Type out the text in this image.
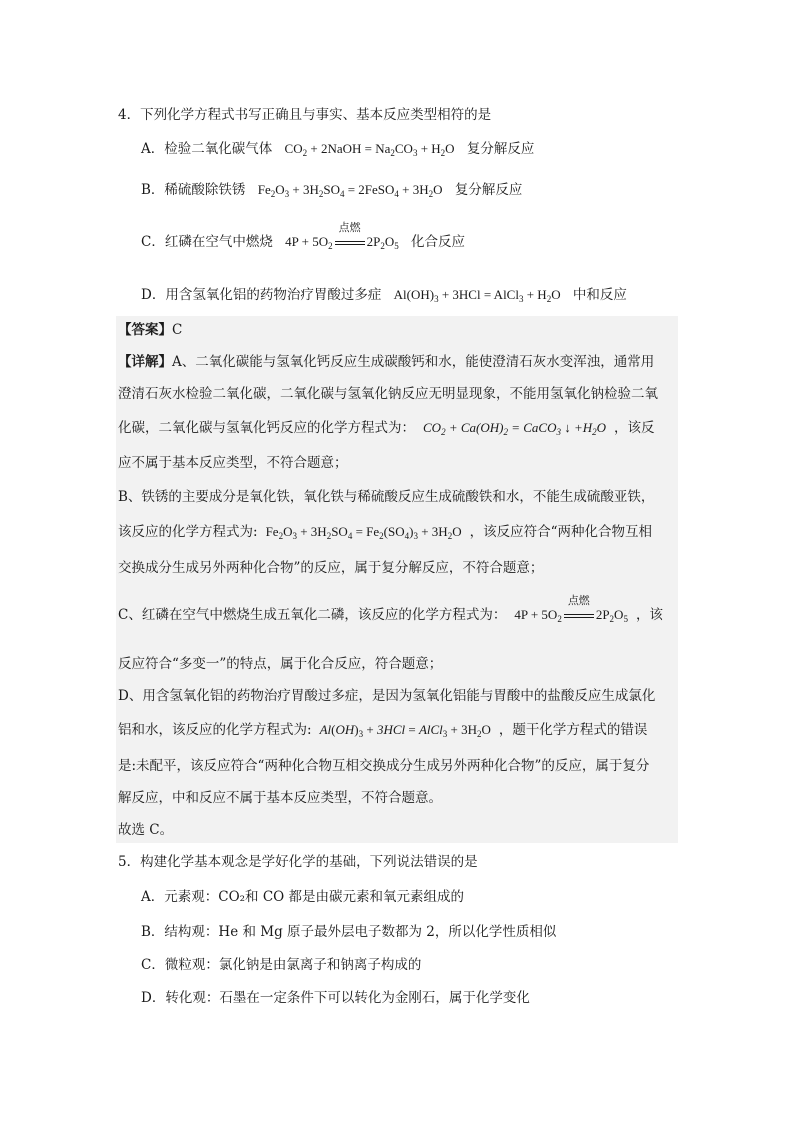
4．下列化学方程式书写正确且与事实、基本反应类型相符的是
A．检验二氧化碳气体 $CO_2$ + 2NaOH = $Na_2CO_3 + H_2O$ 复分解反应
B．稀硫酸除铁锈 $Fe_2O_3 + 3H_2SO_4$ = 2FeSO$_4$ + $3H_2O$ 复分解反应
C．红磷在空气中燃烧 $4P + 5O_2$
点燃
$2P_2O_5$ 化合反应
D．用含氢氧化铝的药物治疗胃酸过多症 $Al(OH)_3 + 3HCl$ = AlCl$_3$ + $H_2O$ 中和反应
【答案】C
【详解】A、二氧化碳能与氢氧化钙反应生成碳酸钙和水，能使澄清石灰水变浑浊，通常用
澄清石灰水检验二氧化碳，二氧化碳与氢氧化钠反应无明显现象，不能用氢氧化钠检验二氧
化碳，二氧化碳与氢氧化钙反应的化学方程式为： $CO_2 + Ca(OH)_2$ = CaCO$_3$ ↓ $+H_2O$ ，该反
应不属于基本反应类型，不符合题意；
B、铁锈的主要成分是氧化铁，氧化铁与稀硫酸反应生成硫酸铁和水，不能生成硫酸亚铁，
该反应的化学方程式为: $Fe_2O_3 + 3H_2SO_4 = Fe_2(SO_4)_3 + 3H_2O$ ，该反应符合“两种化合物互相
交换成分生成另外两种化合物”的反应，属于复分解反应，不符合题意；
C、红磷在空气中燃烧生成五氧化二磷，该反应的化学方程式为： $4P + 5O_2$
点燃
$2P_2O_5$ ，该
反应符合“多变一”的特点，属于化合反应，符合题意；
D、用含氢氧化铝的药物治疗胃酸过多症，是因为氢氧化铝能与胃酸中的盐酸反应生成氯化
铝和水，该反应的化学方程式为: $Al(OH)_3 + 3HCl$ = AlCl$_3$ + $3H_2O$ ，题干化学方程式的错误
是:未配平，该反应符合“两种化合物互相交换成分生成另外两种化合物”的反应，属于复分
解反应，中和反应不属于基本反应类型，不符合题意。
故选 C。
5．构建化学基本观念是学好化学的基础，下列说法错误的是
A．元素观：CO₂和 CO 都是由碳元素和氧元素组成的
B．结构观：He 和 Mg 原子最外层电子数都为 2，所以化学性质相似
C．微粒观：氯化钠是由氯离子和钠离子构成的
D．转化观：石墨在一定条件下可以转化为金刚石，属于化学变化
